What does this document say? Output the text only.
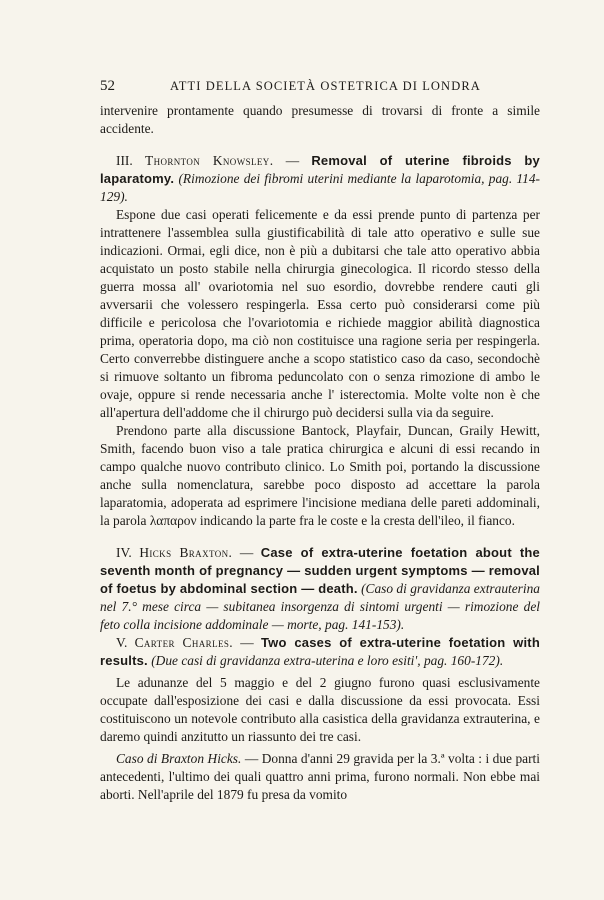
52	ATTI DELLA SOCIETÀ OSTETRICA DI LONDRA

intervenire prontamente quando presumesse di trovarsi di fronte a simile accidente.

III. Thornton Knowsley. — Removal of uterine fibroids by laparatomy. (Rimozione dei fibromi uterini mediante la laparotomia, pag. 114-129).

Espone due casi operati felicemente e da essi prende punto di partenza per intrattenere l'assemblea sulla giustificabilità di tale atto operativo e sulle sue indicazioni. Ormai, egli dice, non è più a dubitarsi che tale atto operativo abbia acquistato un posto stabile nella chirurgia ginecologica. Il ricordo stesso della guerra mossa all' ovariotomia nel suo esordio, dovrebbe rendere cauti gli avversarii che volessero respingerla. Essa certo può considerarsi come più difficile e pericolosa che l'ovariotomia e richiede maggior abilità diagnostica prima, operatoria dopo, ma ciò non costituisce una ragione seria per respingerla. Certo converrebbe distinguere anche a scopo statistico caso da caso, secondochè si rimuove soltanto un fibroma peduncolato con o senza rimozione di ambo le ovaje, oppure si rende necessaria anche l' isterectomia. Molte volte non è che all'apertura dell'addome che il chirurgo può decidersi sulla via da seguire.

Prendono parte alla discussione Bantock, Playfair, Duncan, Graily Hewitt, Smith, facendo buon viso a tale pratica chirurgica e alcuni di essi recando in campo qualche nuovo contributo clinico. Lo Smith poi, portando la discussione anche sulla nomenclatura, sarebbe poco disposto ad accettare la parola laparatomia, adoperata ad esprimere l'incisione mediana delle pareti addominali, la parola λαπαρον indicando la parte fra le coste e la cresta dell'ileo, il fianco.

IV. Hicks Braxton. — Case of extra-uterine foetation about the seventh month of pregnancy — sudden urgent symptoms — removal of foetus by abdominal section — death. (Caso di gravidanza extrauterina nel 7.° mese circa — subitanea insorgenza di sintomi urgenti — rimozione del feto colla incisione addominale — morte, pag. 141-153).

V. Carter Charles. — Two cases of extra-uterine foetation with results. (Due casi di gravidanza extra-uterina e loro esiti', pag. 160-172).

Le adunanze del 5 maggio e del 2 giugno furono quasi esclusivamente occupate dall'esposizione dei casi e dalla discussione da essi provocata. Essi costituiscono un notevole contributo alla casistica della gravidanza extrauterina, e daremo quindi anzitutto un riassunto dei tre casi.

Caso di Braxton Hicks. — Donna d'anni 29 gravida per la 3.ª volta : i due parti antecedenti, l'ultimo dei quali quattro anni prima, furono normali. Non ebbe mai aborti. Nell'aprile del 1879 fu presa da vomito
